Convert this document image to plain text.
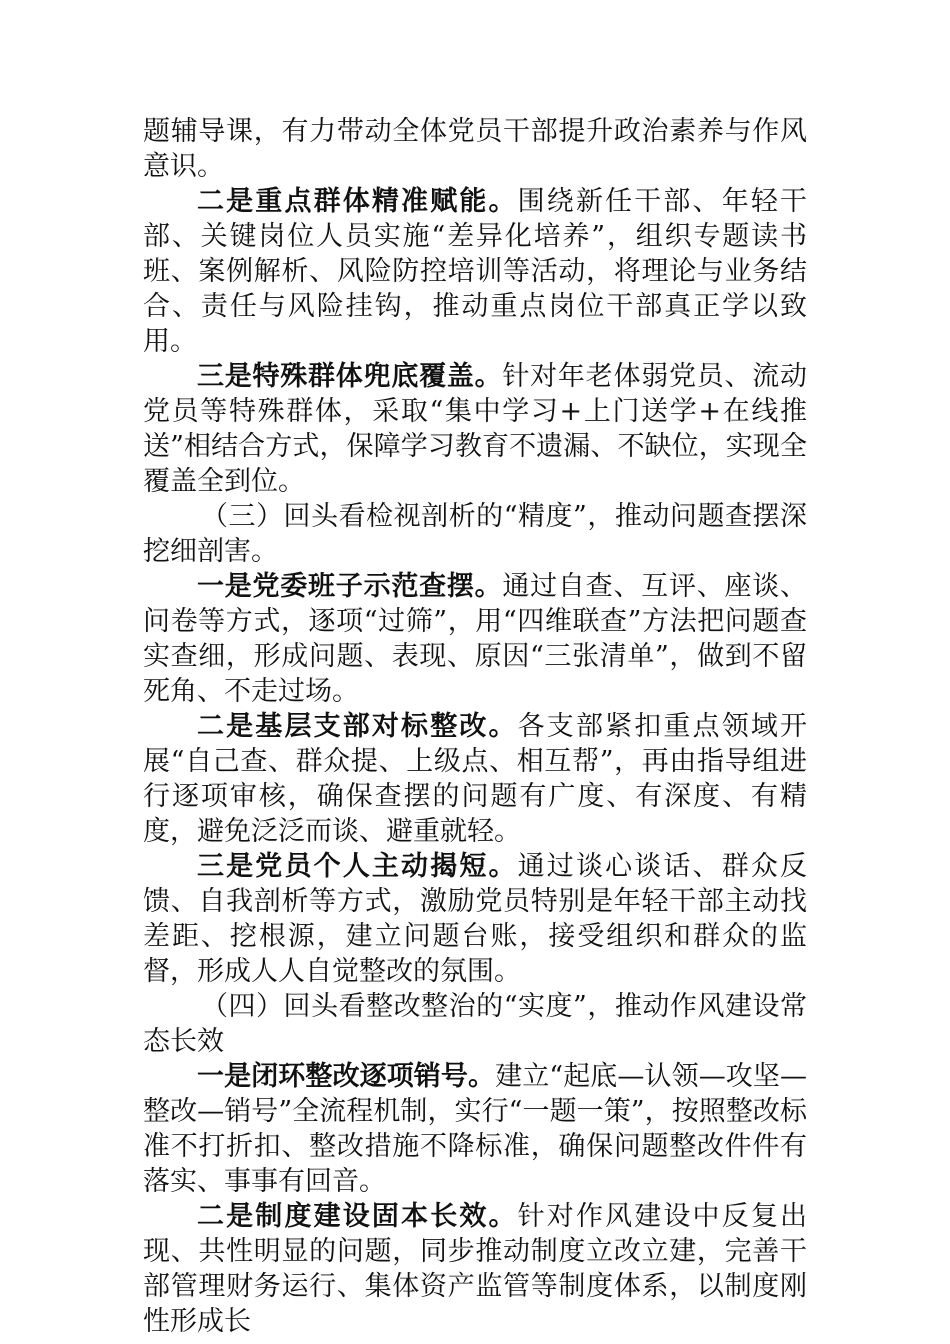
题辅导课，有力带动全体党员干部提升政治素养与作风意识。

二是重点群体精准赋能。围绕新任干部、年轻干部、关键岗位人员实施“差异化培养”，组织专题读书班、案例解析、风险防控培训等活动，将理论与业务结合、责任与风险挂钩，推动重点岗位干部真正学以致用。

三是特殊群体兜底覆盖。针对年老体弱党员、流动党员等特殊群体，采取“集中学习+上门送学+在线推送”相结合方式，保障学习教育不遗漏、不缺位，实现全覆盖全到位。

（三）回头看检视剖析的“精度”，推动问题查摆深挖细剖害。

一是党委班子示范查摆。通过自查、互评、座谈、问卷等方式，逐项“过筛”，用“四维联查”方法把问题查实查细，形成问题、表现、原因“三张清单”，做到不留死角、不走过场。

二是基层支部对标整改。各支部紧扣重点领域开展“自己查、群众提、上级点、相互帮”，再由指导组进行逐项审核，确保查摆的问题有广度、有深度、有精度，避免泛泛而谈、避重就轻。

三是党员个人主动揭短。通过谈心谈话、群众反馈、自我剖析等方式，激励党员特别是年轻干部主动找差距、挖根源，建立问题台账，接受组织和群众的监督，形成人人自觉整改的氛围。

（四）回头看整改整治的“实度”，推动作风建设常态长效

一是闭环整改逐项销号。建立“起底—认领—攻坚—整改—销号”全流程机制，实行“一题一策”，按照整改标准不打折扣、整改措施不降标准，确保问题整改件件有落实、事事有回音。

二是制度建设固本长效。针对作风建设中反复出现、共性明显的问题，同步推动制度立改立建，完善干部管理财务运行、集体资产监管等制度体系，以制度刚性形成长
